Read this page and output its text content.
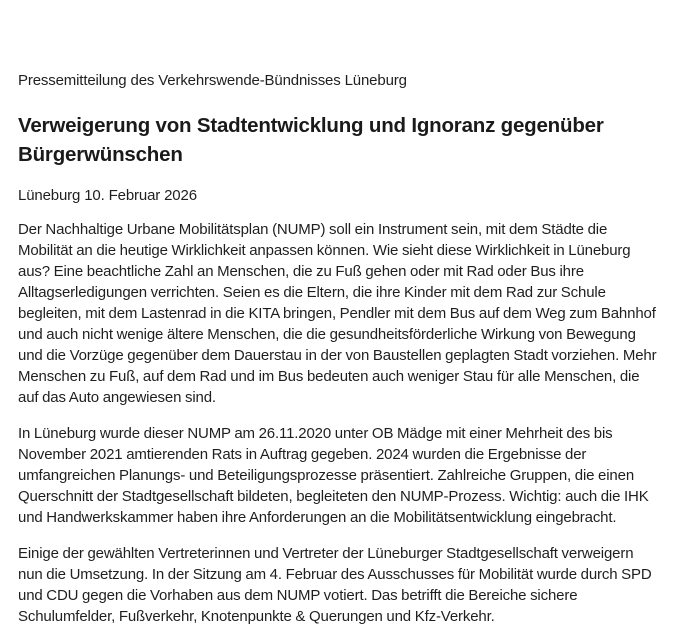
Pressemitteilung des Verkehrswende-Bündnisses Lüneburg

Verweigerung von Stadtentwicklung und Ignoranz gegenüber Bürgerwünschen

Lüneburg 10. Februar 2026

Der Nachhaltige Urbane Mobilitätsplan (NUMP) soll ein Instrument sein, mit dem Städte die Mobilität an die heutige Wirklichkeit anpassen können. Wie sieht diese Wirklichkeit in Lüneburg aus? Eine beachtliche Zahl an Menschen, die zu Fuß gehen oder mit Rad oder Bus ihre Alltagserledigungen verrichten. Seien es die Eltern, die ihre Kinder mit dem Rad zur Schule begleiten, mit dem Lastenrad in die KITA bringen, Pendler mit dem Bus auf dem Weg zum Bahnhof und auch nicht wenige ältere Menschen, die die gesundheitsförderliche Wirkung von Bewegung und die Vorzüge gegenüber dem Dauerstau in der von Baustellen geplagten Stadt vorziehen. Mehr Menschen zu Fuß, auf dem Rad und im Bus bedeuten auch weniger Stau für alle Menschen, die auf das Auto angewiesen sind.

In Lüneburg wurde dieser NUMP am 26.11.2020 unter OB Mädge mit einer Mehrheit des bis November 2021 amtierenden Rats in Auftrag gegeben. 2024 wurden die Ergebnisse der umfangreichen Planungs- und Beteiligungsprozesse präsentiert. Zahlreiche Gruppen, die einen Querschnitt der Stadtgesellschaft bildeten, begleiteten den NUMP-Prozess. Wichtig: auch die IHK und Handwerkskammer haben ihre Anforderungen an die Mobilitätsentwicklung eingebracht.

Einige der gewählten Vertreterinnen und Vertreter der Lüneburger Stadtgesellschaft verweigern nun die Umsetzung. In der Sitzung am 4. Februar des Ausschusses für Mobilität wurde durch SPD und CDU gegen die Vorhaben aus dem NUMP votiert. Das betrifft die Bereiche sichere Schulumfelder, Fußverkehr, Knotenpunkte & Querungen und Kfz-Verkehr.
